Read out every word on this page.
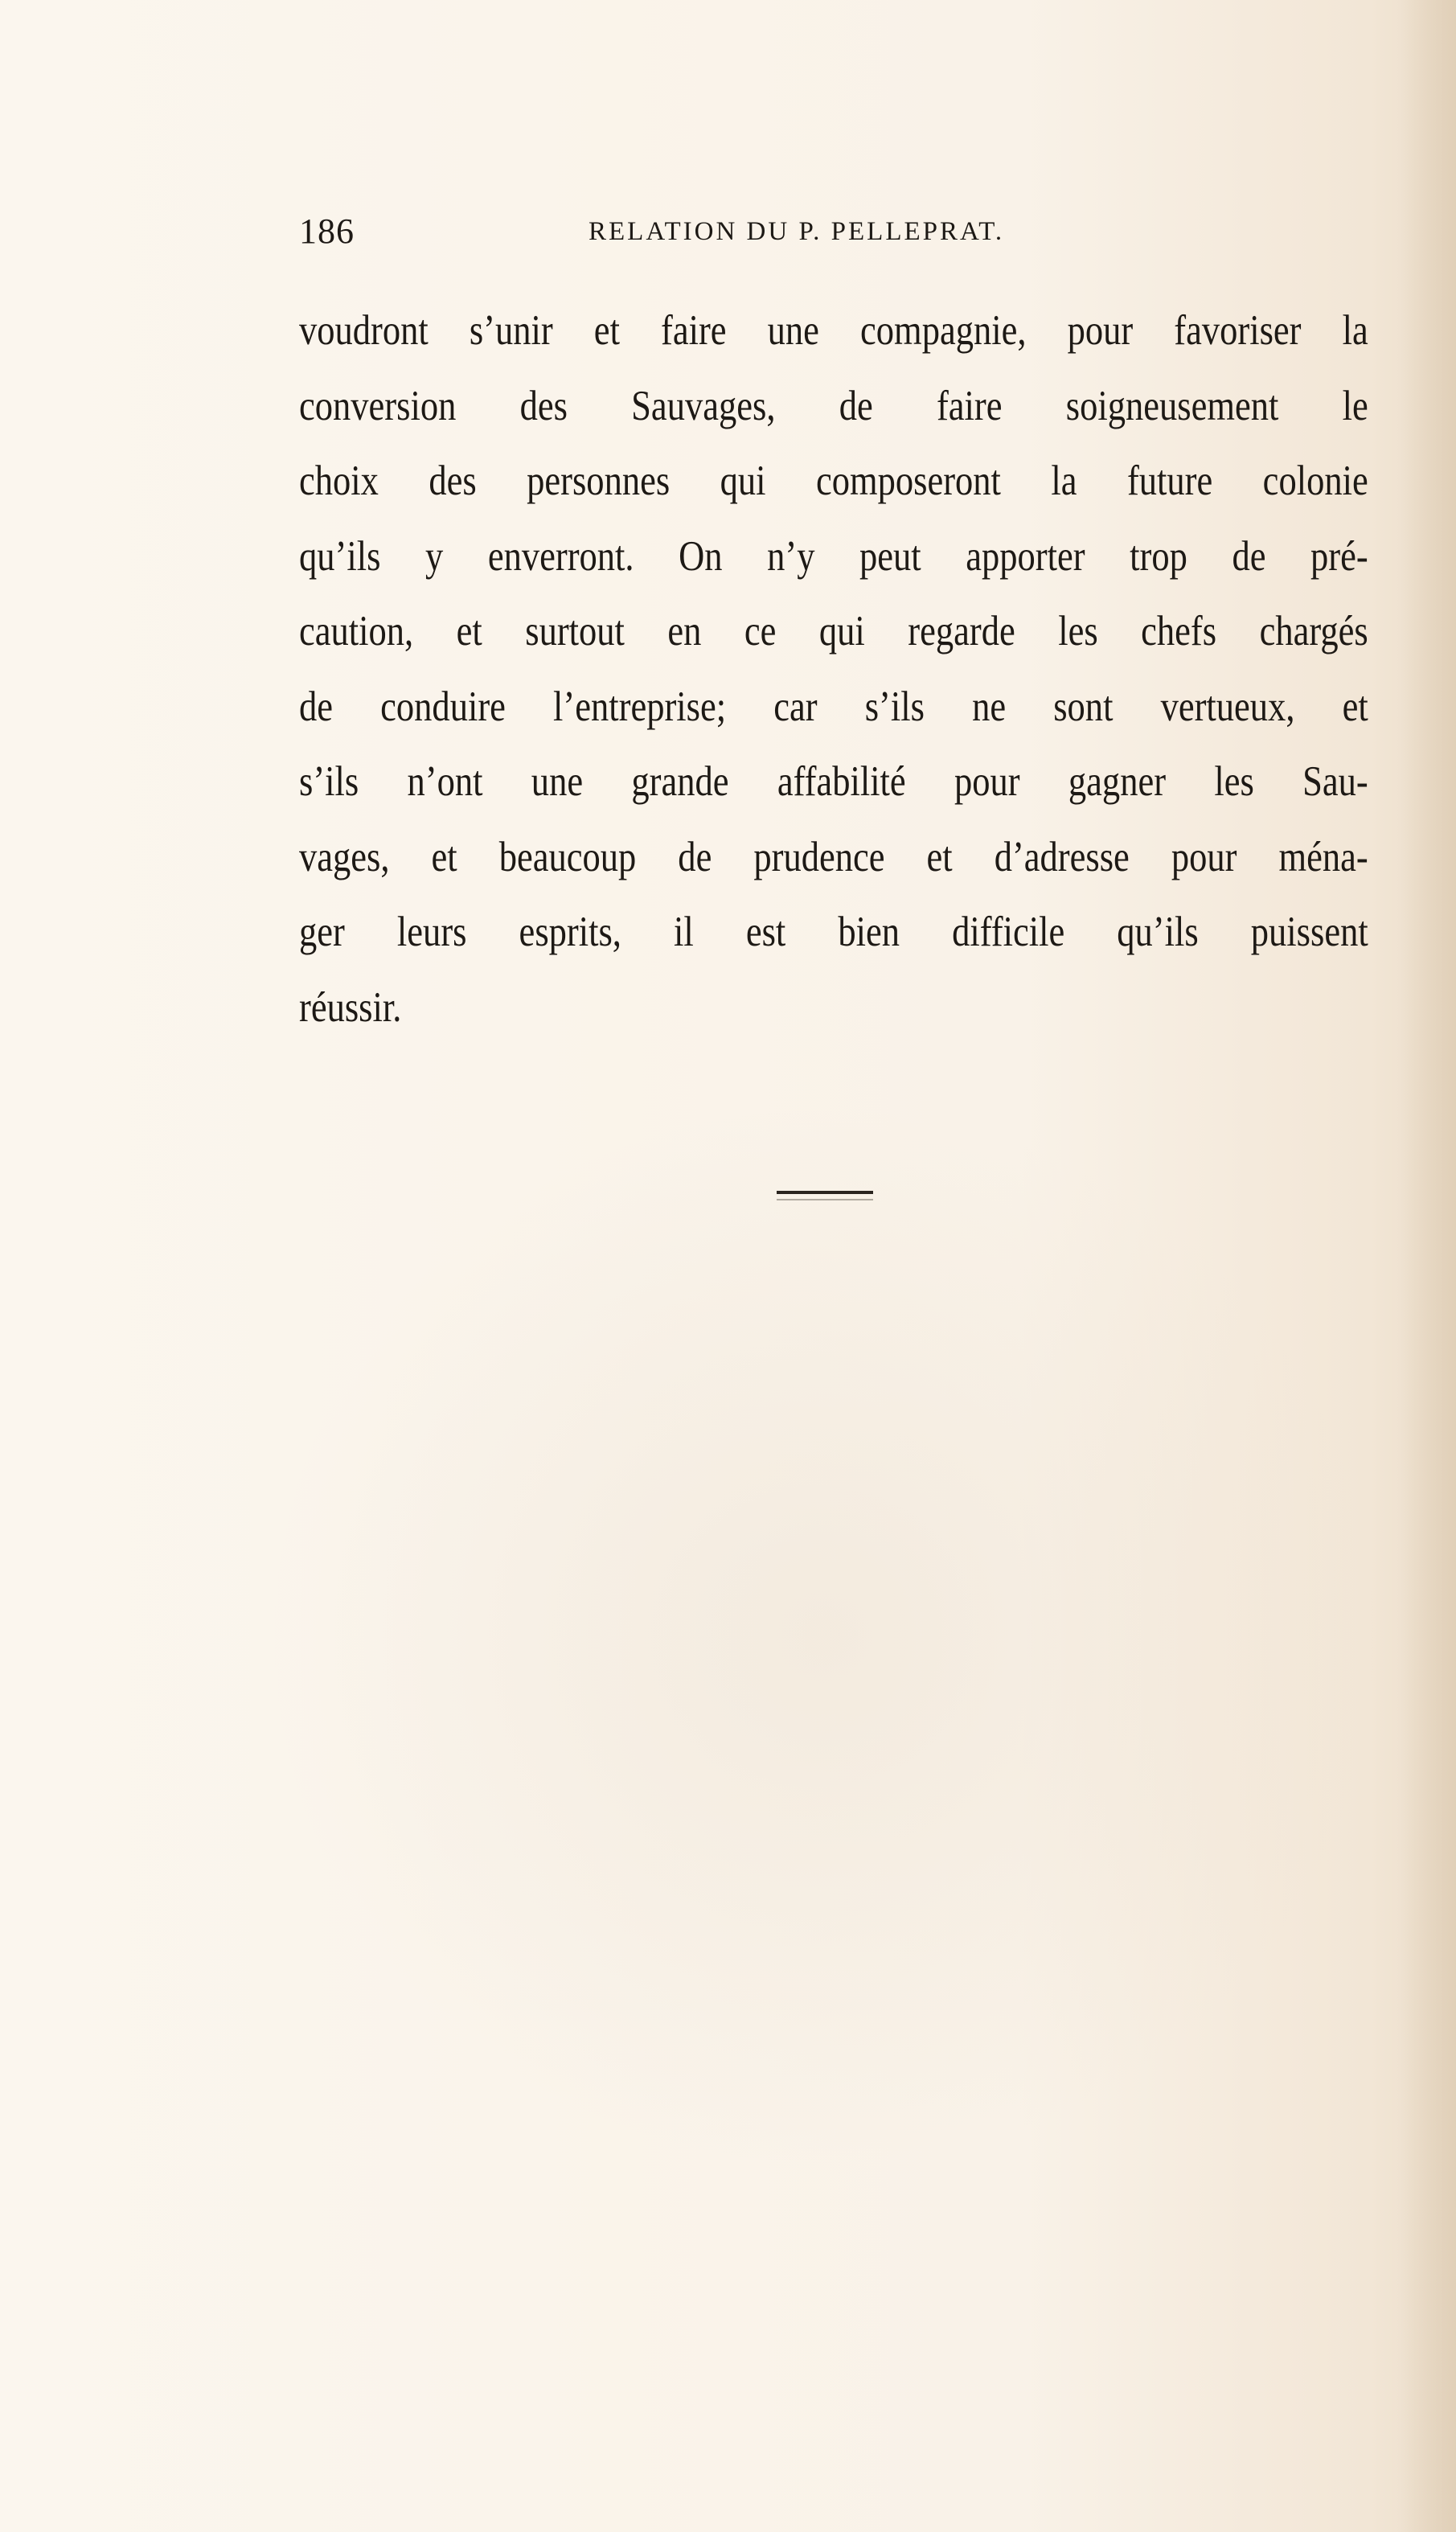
186	RELATION DU P. PELLEPRAT.
voudront s’unir et faire une compagnie, pour favoriser la
conversion des Sauvages, de faire soigneusement le
choix des personnes qui composeront la future colonie
qu’ils y enverront. On n’y peut apporter trop de pré-
caution, et surtout en ce qui regarde les chefs chargés
de conduire l’entreprise; car s’ils ne sont vertueux, et
s’ils n’ont une grande affabilité pour gagner les Sau-
vages, et beaucoup de prudence et d’adresse pour ména-
ger leurs esprits, il est bien difficile qu’ils puissent
réussir.
